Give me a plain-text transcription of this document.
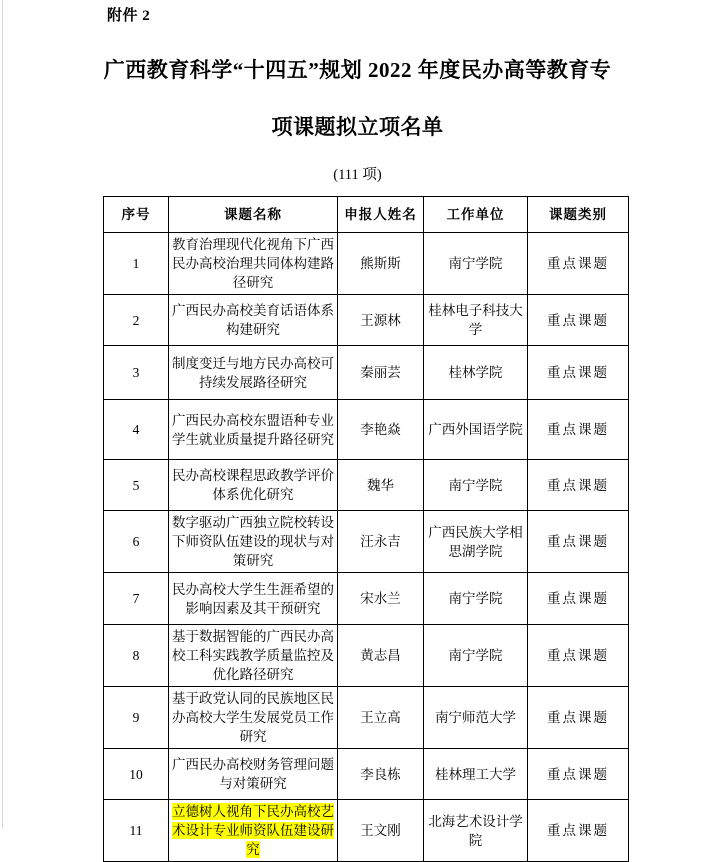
附件 2
广西教育科学“十四五”规划 2022 年度民办高等教育专
项课题拟立项名单
(111 项)
序号	课题名称	申报人姓名	工作单位	课题类别
1	教育治理现代化视角下广西民办高校治理共同体构建路径研究	熊斯斯	南宁学院	重点课题
2	广西民办高校美育话语体系构建研究	王源林	桂林电子科技大学	重点课题
3	制度变迁与地方民办高校可持续发展路径研究	秦丽芸	桂林学院	重点课题
4	广西民办高校东盟语种专业学生就业质量提升路径研究	李艳焱	广西外国语学院	重点课题
5	民办高校课程思政教学评价体系优化研究	魏华	南宁学院	重点课题
6	数字驱动广西独立院校转设下师资队伍建设的现状与对策研究	汪永吉	广西民族大学相思湖学院	重点课题
7	民办高校大学生生涯希望的影响因素及其干预研究	宋水兰	南宁学院	重点课题
8	基于数据智能的广西民办高校工科实践教学质量监控及优化路径研究	黄志昌	南宁学院	重点课题
9	基于政党认同的民族地区民办高校大学生发展党员工作研究	王立高	南宁师范大学	重点课题
10	广西民办高校财务管理问题与对策研究	李良栋	桂林理工大学	重点课题
11	立德树人视角下民办高校艺术设计专业师资队伍建设研究	王文刚	北海艺术设计学院	重点课题
